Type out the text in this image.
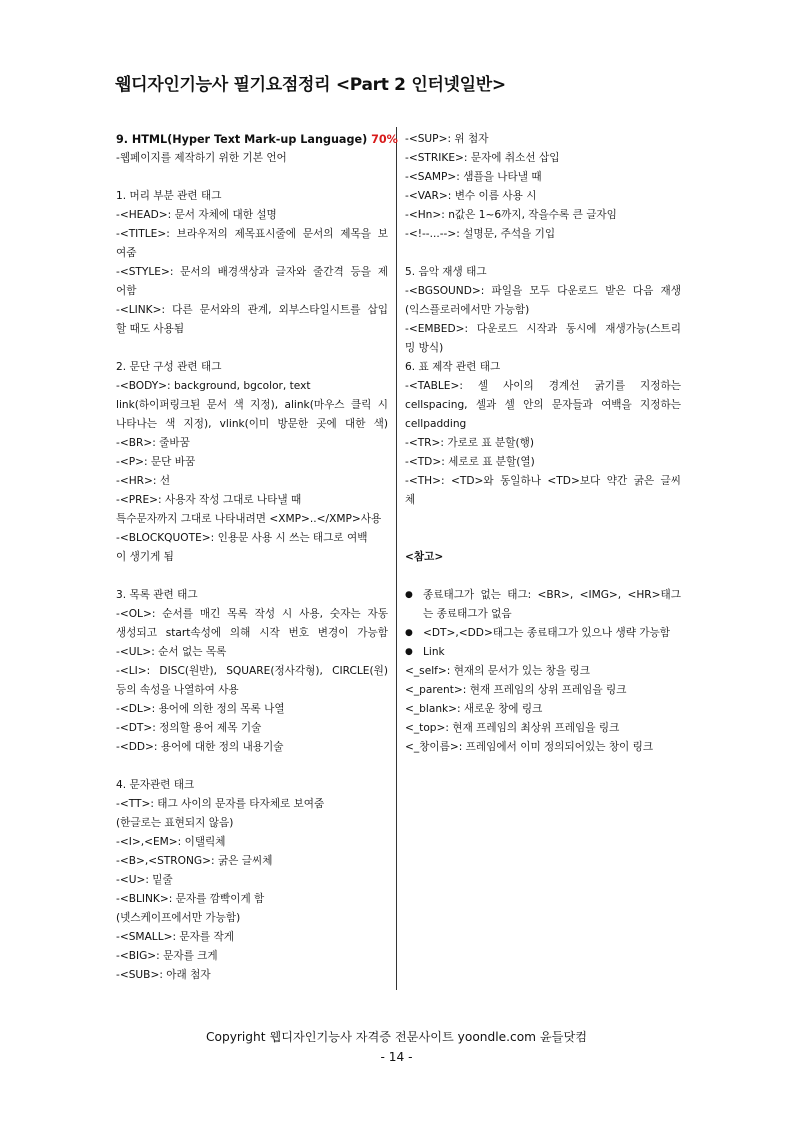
웹디자인기능사 필기요점정리 <Part 2 인터넷일반>
9. HTML(Hyper Text Mark-up Language) 70%
-웹페이지를 제작하기 위한 기본 언어
1. 머리 부분 관련 태그
-<HEAD>: 문서 자체에 대한 설명
-<TITLE>: 브라우저의 제목표시줄에 문서의 제목을 보
여줌
-<STYLE>: 문서의 배경색상과 글자와 줄간격 등을 제
어함
-<LINK>: 다른 문서와의 관계, 외부스타일시트를 삽입
할 때도 사용됨
2. 문단 구성 관련 태그
-<BODY>: background, bgcolor, text
link(하이퍼링크된 문서 색 지정), alink(마우스 클릭 시
나타나는 색 지정), vlink(이미 방문한 곳에 대한 색)
-<BR>: 줄바꿈
-<P>: 문단 바꿈
-<HR>: 선
-<PRE>: 사용자 작성 그대로 나타낼 때
특수문자까지 그대로 나타내려면 <XMP>..</XMP>사용
-<BLOCKQUOTE>: 인용문 사용 시 쓰는 태그로 여백
이 생기게 됨
3. 목록 관련 태그
-<OL>: 순서를 매긴 목록 작성 시 사용, 숫자는 자동
생성되고 start속성에 의해 시작 번호 변경이 가능함
-<UL>: 순서 없는 목록
-<LI>: DISC(원반), SQUARE(정사각형), CIRCLE(원)
등의 속성을 나열하여 사용
-<DL>: 용어에 의한 정의 목록 나열
-<DT>: 정의할 용어 제목 기술
-<DD>: 용어에 대한 정의 내용기술
4. 문자관련 태크
-<TT>: 태그 사이의 문자를 타자체로 보여줌
(한글로는 표현되지 않음)
-<I>,<EM>: 이탤릭체
-<B>,<STRONG>: 굵은 글씨체
-<U>: 밑줄
-<BLINK>: 문자를 깜빡이게 함
(넷스케이프에서만 가능함)
-<SMALL>: 문자를 작게
-<BIG>: 문자를 크게
-<SUB>: 아래 첨자
-<SUP>: 위 첨자
-<STRIKE>: 문자에 취소선 삽입
-<SAMP>: 샘플을 나타낼 때
-<VAR>: 변수 이름 사용 시
-<Hn>: n값은 1~6까지, 작을수록 큰 글자임
-<!--...-->: 설명문, 주석을 기입
5. 음악 재생 태그
-<BGSOUND>: 파일을 모두 다운로드 받은 다음 재생
(익스플로러에서만 가능함)
-<EMBED>: 다운로드 시작과 동시에 재생가능(스트리
밍 방식)
6. 표 제작 관련 태그
-<TABLE>: 셀 사이의 경계선 굵기를 지정하는
cellspacing, 셀과 셀 안의 문자들과 여백을 지정하는
cellpadding
-<TR>: 가로로 표 분할(행)
-<TD>: 세로로 표 분할(열)
-<TH>: <TD>와 동일하나 <TD>보다 약간 굵은 글씨
체
<참고>
● 종료태그가 없는 태그: <BR>, <IMG>, <HR>태그
는 종료태그가 없음
● <DT>,<DD>태그는 종료태그가 있으나 생략 가능함
● Link
<_self>: 현재의 문서가 있는 창을 링크
<_parent>: 현재 프레임의 상위 프레임을 링크
<_blank>: 새로운 창에 링크
<_top>: 현재 프레임의 최상위 프레임을 링크
<_창이름>: 프레임에서 이미 정의되어있는 창이 링크
Copyright 웹디자인기능사 자격증 전문사이트 yoondle.com 윤들닷컴
- 14 -
